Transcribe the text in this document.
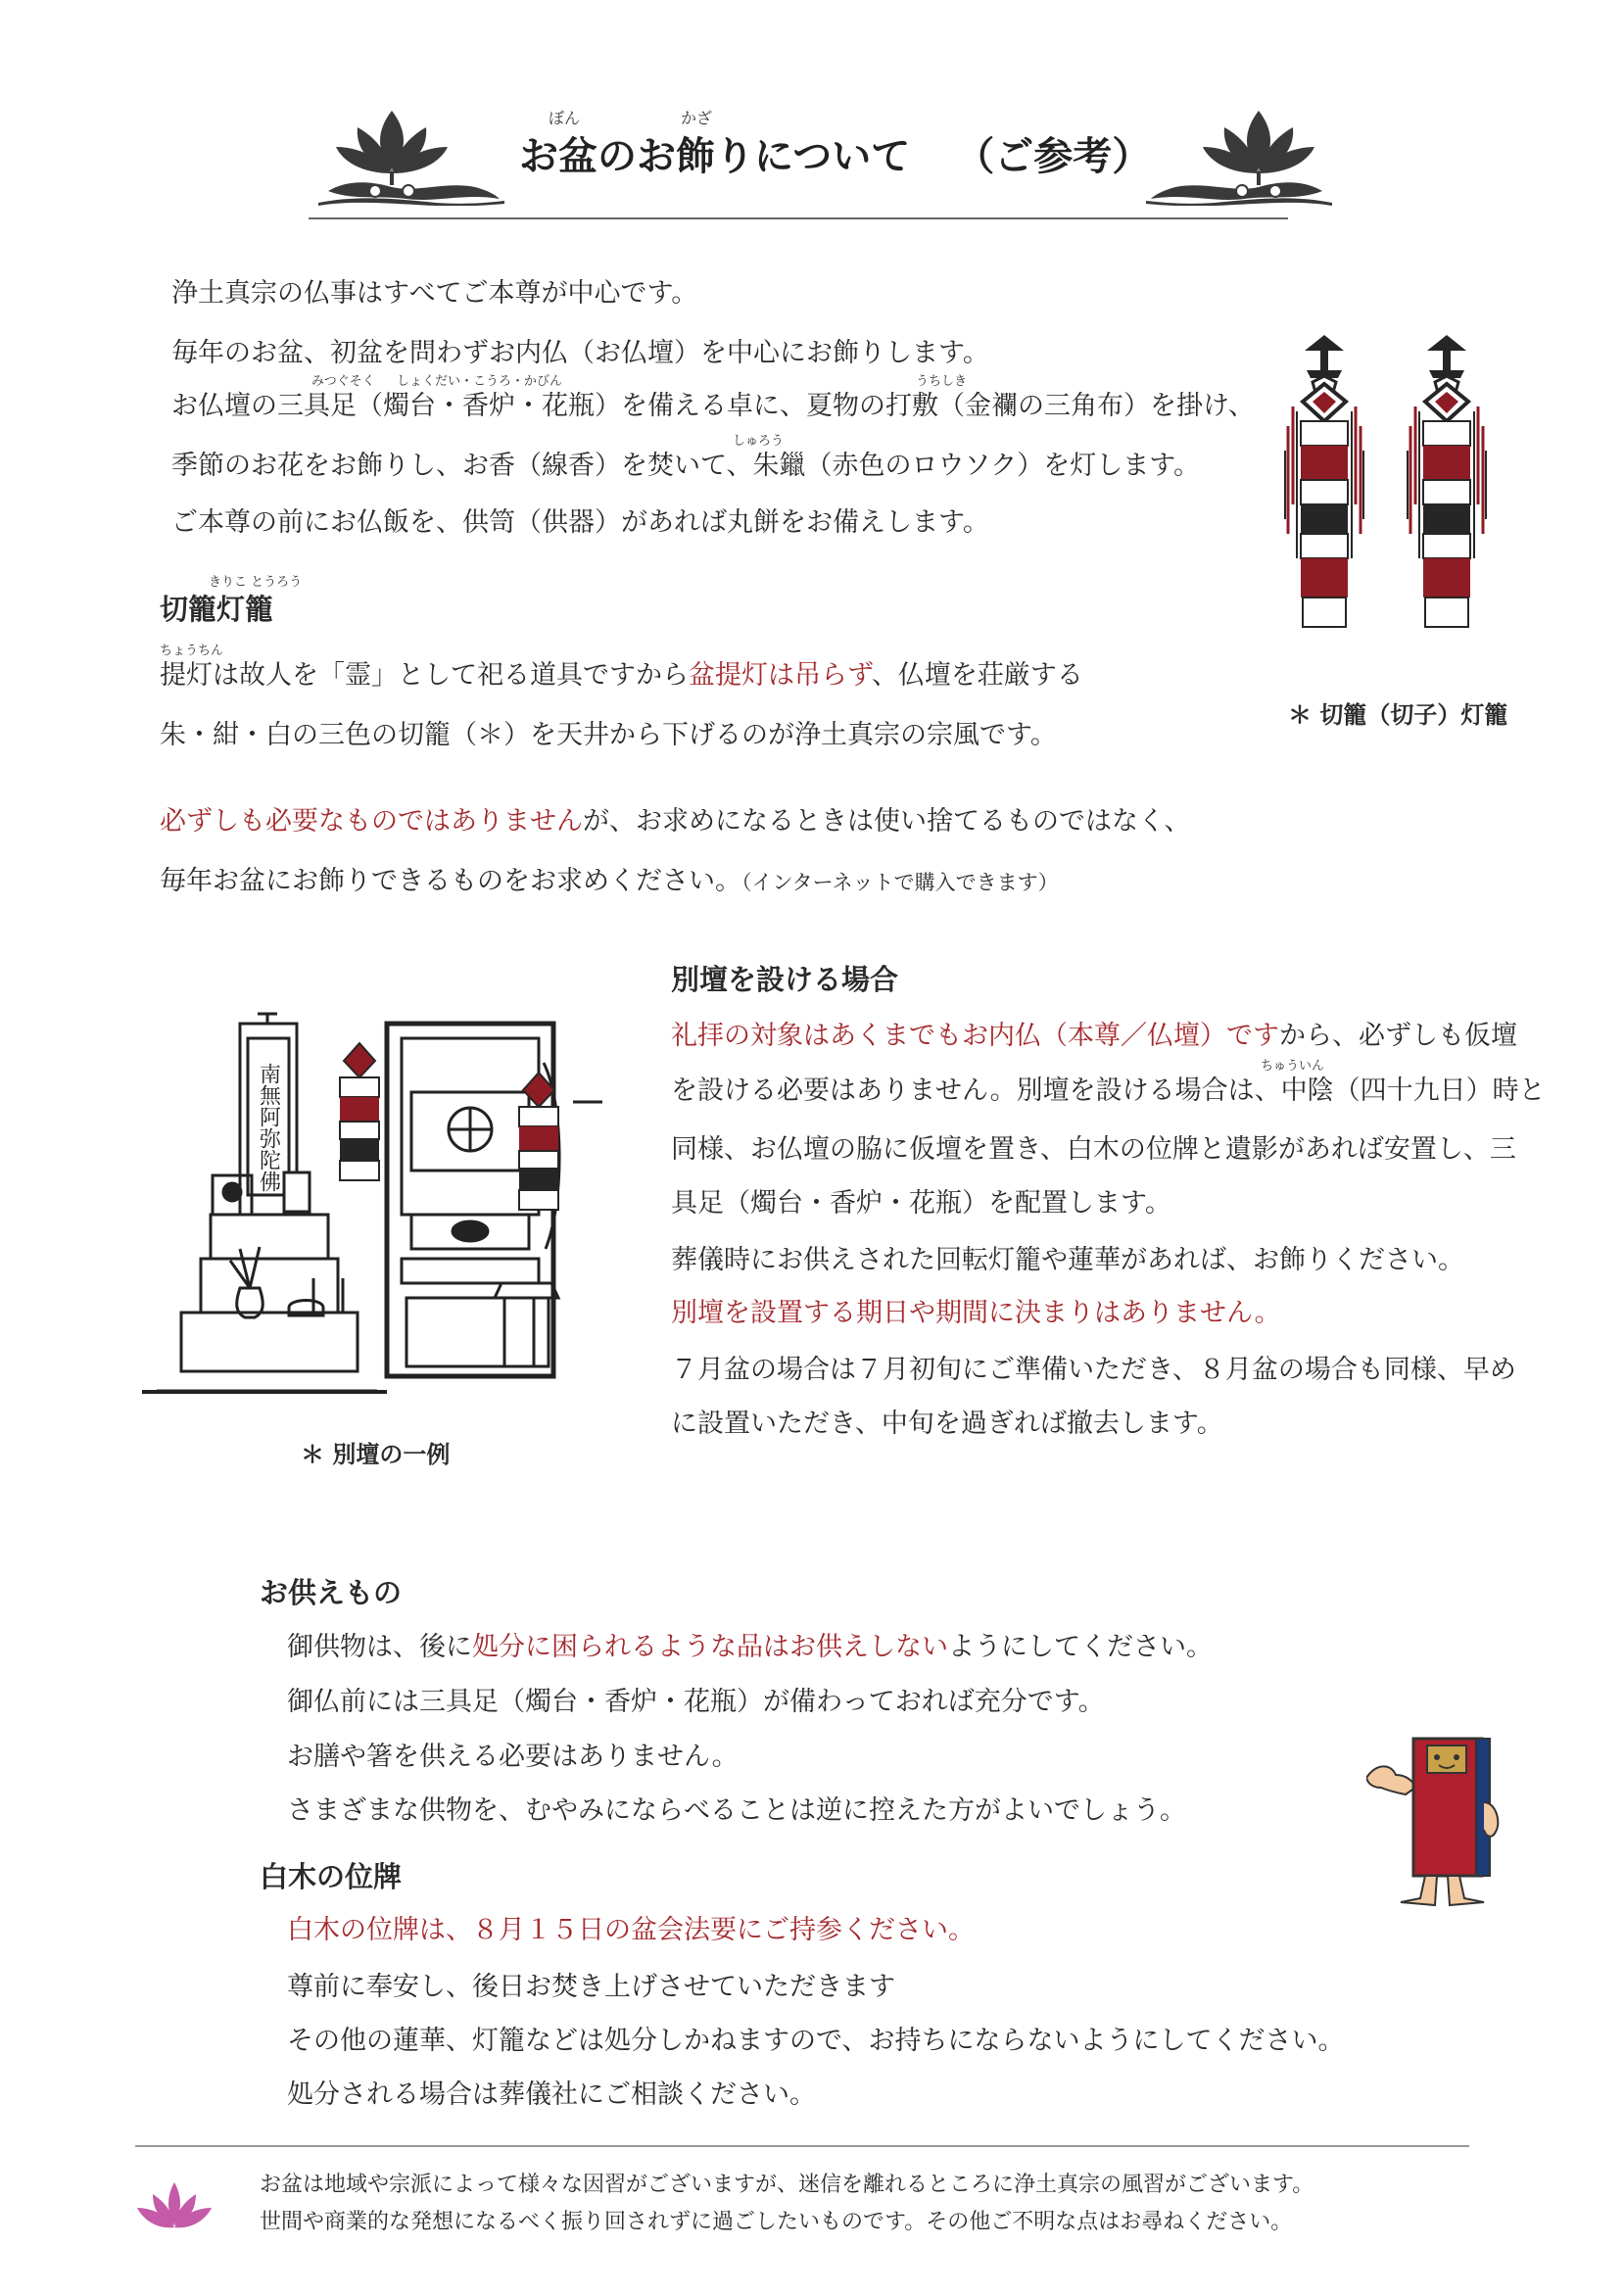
ぼん	かざ
お盆のお飾りについて （ご参考）
浄土真宗の仏事はすべてご本尊が中心です。
毎年のお盆、初盆を問わずお内仏（お仏壇）を中心にお飾りします。
みつぐそく しょくだい・こうろ・かびん	うちしき
お仏壇の三具足（燭台・香炉・花瓶）を備える卓に、夏物の打敷（金襴の三角布）を掛け、
しゅろう
季節のお花をお飾りし、お香（線香）を焚いて、朱鑞（赤色のロウソク）を灯します。
ご本尊の前にお仏飯を、供笥（供器）があれば丸餅をお備えします。
きりこ とうろう
切籠灯籠
ちょうちん
提灯は故人を「霊」として祀る道具ですから盆提灯は吊らず、仏壇を荘厳する
朱・紺・白の三色の切籠（＊）を天井から下げるのが浄土真宗の宗風です。
＊ 切籠（切子）灯籠
必ずしも必要なものではありませんが、お求めになるときは使い捨てるものではなく、
毎年お盆にお飾りできるものをお求めください。（インターネットで購入できます）
南無阿弥陀佛
＊ 別壇の一例
別壇を設ける場合
礼拝の対象はあくまでもお内仏（本尊／仏壇）ですから、必ずしも仮壇
ちゅういん
を設ける必要はありません。別壇を設ける場合は、中陰（四十九日）時と
同様、お仏壇の脇に仮壇を置き、白木の位牌と遺影があれば安置し、三
具足（燭台・香炉・花瓶）を配置します。
葬儀時にお供えされた回転灯籠や蓮華があれば、お飾りください。
別壇を設置する期日や期間に決まりはありません。
７月盆の場合は７月初旬にご準備いただき、８月盆の場合も同様、早め
に設置いただき、中旬を過ぎれば撤去します。
お供えもの
御供物は、後に処分に困られるような品はお供えしないようにしてください。
御仏前には三具足（燭台・香炉・花瓶）が備わっておれば充分です。
お膳や箸を供える必要はありません。
さまざまな供物を、むやみにならべることは逆に控えた方がよいでしょう。
白木の位牌
白木の位牌は、８月１５日の盆会法要にご持参ください。
尊前に奉安し、後日お焚き上げさせていただきます
その他の蓮華、灯籠などは処分しかねますので、お持ちにならないようにしてください。
処分される場合は葬儀社にご相談ください。
お盆は地域や宗派によって様々な因習がございますが、迷信を離れるところに浄土真宗の風習がございます。
世間や商業的な発想になるべく振り回されずに過ごしたいものです。その他ご不明な点はお尋ねください。
